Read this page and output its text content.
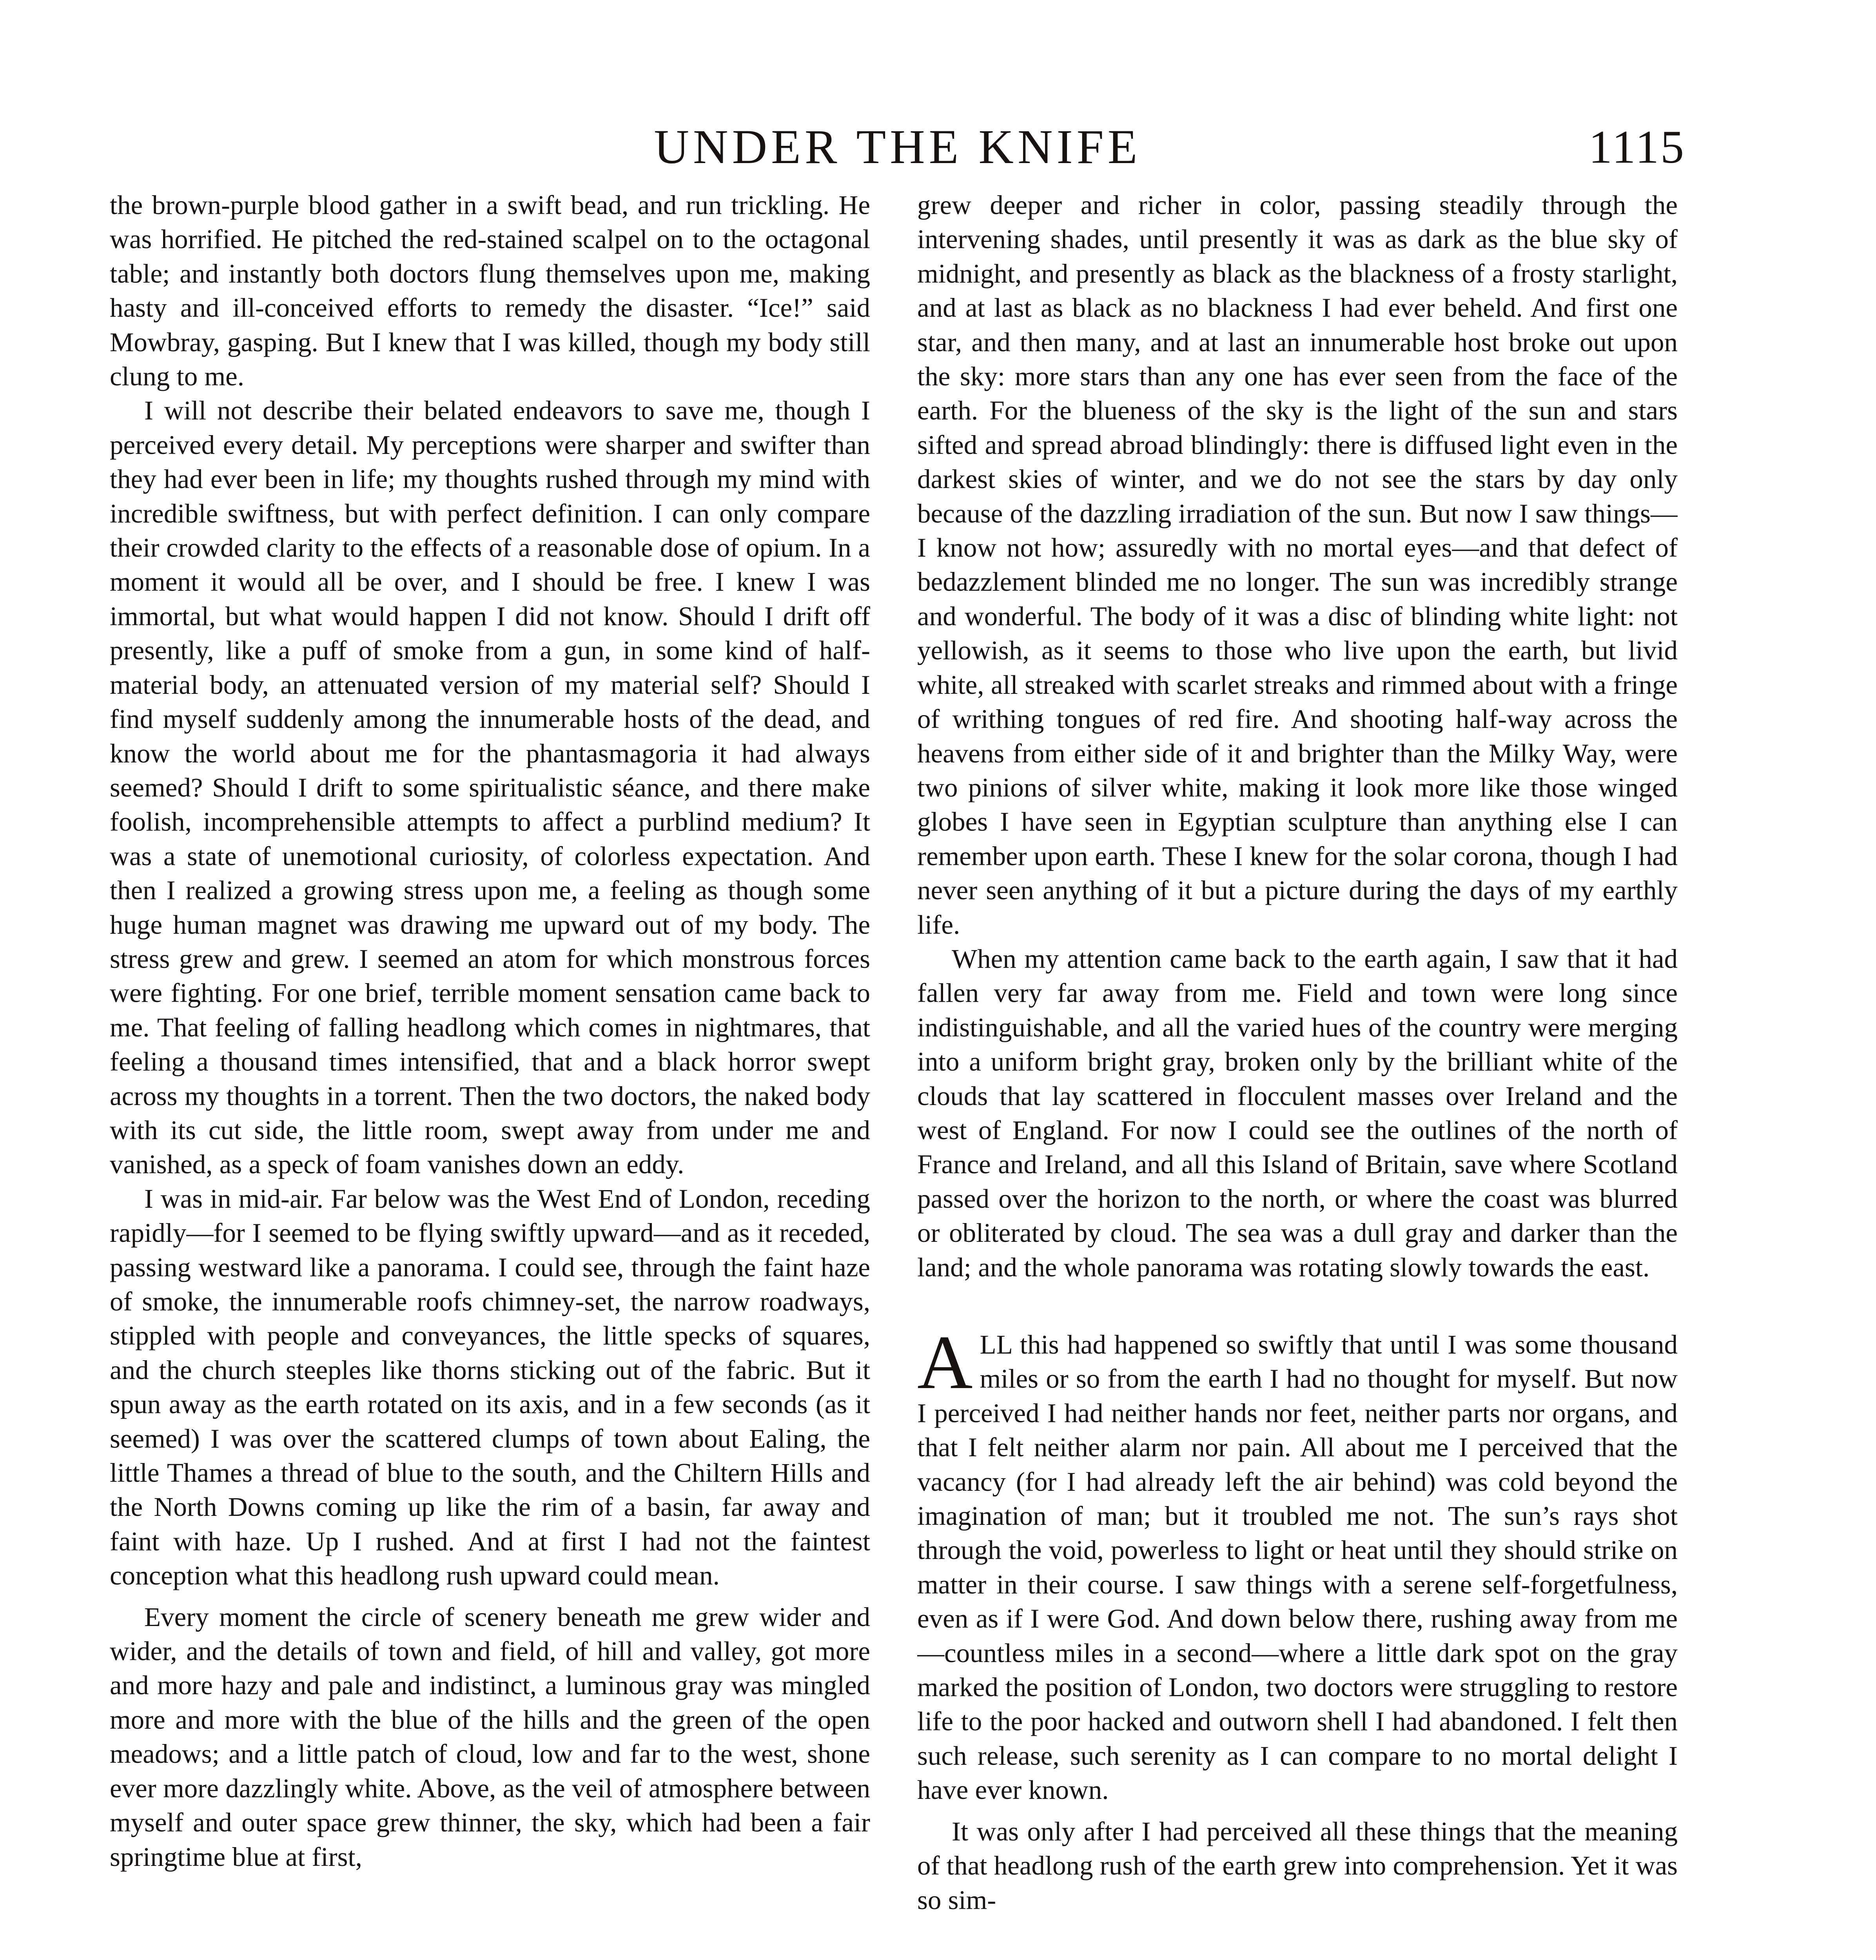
UNDER THE KNIFE	1115

the brown-purple blood gather in a swift bead, and run trickling. He was horrified. He pitched the red-stained scalpel on to the octagonal table; and instantly both doctors flung themselves upon me, making hasty and ill-conceived efforts to remedy the disaster. “Ice!” said Mowbray, gasping. But I knew that I was killed, though my body still clung to me.

I will not describe their belated endeavors to save me, though I perceived every detail. My perceptions were sharper and swifter than they had ever been in life; my thoughts rushed through my mind with incredible swiftness, but with perfect definition. I can only compare their crowded clarity to the effects of a reasonable dose of opium. In a moment it would all be over, and I should be free. I knew I was immortal, but what would happen I did not know. Should I drift off presently, like a puff of smoke from a gun, in some kind of half-material body, an attenuated version of my material self? Should I find myself suddenly among the innumerable hosts of the dead, and know the world about me for the phantasmagoria it had always seemed? Should I drift to some spiritualistic séance, and there make foolish, incomprehensible attempts to affect a purblind medium? It was a state of unemotional curiosity, of colorless expectation. And then I realized a growing stress upon me, a feeling as though some huge human magnet was drawing me upward out of my body. The stress grew and grew. I seemed an atom for which monstrous forces were fighting. For one brief, terrible moment sensation came back to me. That feeling of falling headlong which comes in nightmares, that feeling a thousand times intensified, that and a black horror swept across my thoughts in a torrent. Then the two doctors, the naked body with its cut side, the little room, swept away from under me and vanished, as a speck of foam vanishes down an eddy.

I was in mid-air. Far below was the West End of London, receding rapidly—for I seemed to be flying swiftly upward—and as it receded, passing westward like a panorama. I could see, through the faint haze of smoke, the innumerable roofs chimney-set, the narrow roadways, stippled with people and conveyances, the little specks of squares, and the church steeples like thorns sticking out of the fabric. But it spun away as the earth rotated on its axis, and in a few seconds (as it seemed) I was over the scattered clumps of town about Ealing, the little Thames a thread of blue to the south, and the Chiltern Hills and the North Downs coming up like the rim of a basin, far away and faint with haze. Up I rushed. And at first I had not the faintest conception what this headlong rush upward could mean.

Every moment the circle of scenery beneath me grew wider and wider, and the details of town and field, of hill and valley, got more and more hazy and pale and indistinct, a luminous gray was mingled more and more with the blue of the hills and the green of the open meadows; and a little patch of cloud, low and far to the west, shone ever more dazzlingly white. Above, as the veil of atmosphere between myself and outer space grew thinner, the sky, which had been a fair springtime blue at first,

grew deeper and richer in color, passing steadily through the intervening shades, until presently it was as dark as the blue sky of midnight, and presently as black as the blackness of a frosty starlight, and at last as black as no blackness I had ever beheld. And first one star, and then many, and at last an innumerable host broke out upon the sky: more stars than any one has ever seen from the face of the earth. For the blueness of the sky is the light of the sun and stars sifted and spread abroad blindingly: there is diffused light even in the darkest skies of winter, and we do not see the stars by day only because of the dazzling irradiation of the sun. But now I saw things—I know not how; assuredly with no mortal eyes—and that defect of bedazzlement blinded me no longer. The sun was incredibly strange and wonderful. The body of it was a disc of blinding white light: not yellowish, as it seems to those who live upon the earth, but livid white, all streaked with scarlet streaks and rimmed about with a fringe of writhing tongues of red fire. And shooting half-way across the heavens from either side of it and brighter than the Milky Way, were two pinions of silver white, making it look more like those winged globes I have seen in Egyptian sculpture than anything else I can remember upon earth. These I knew for the solar corona, though I had never seen anything of it but a picture during the days of my earthly life.

When my attention came back to the earth again, I saw that it had fallen very far away from me. Field and town were long since indistinguishable, and all the varied hues of the country were merging into a uniform bright gray, broken only by the brilliant white of the clouds that lay scattered in flocculent masses over Ireland and the west of England. For now I could see the outlines of the north of France and Ireland, and all this Island of Britain, save where Scotland passed over the horizon to the north, or where the coast was blurred or obliterated by cloud. The sea was a dull gray and darker than the land; and the whole panorama was rotating slowly towards the east.

A LL this had happened so swiftly that until I was some thousand miles or so from the earth I had no thought for myself. But now I perceived I had neither hands nor feet, neither parts nor organs, and that I felt neither alarm nor pain. All about me I perceived that the vacancy (for I had already left the air behind) was cold beyond the imagination of man; but it troubled me not. The sun’s rays shot through the void, powerless to light or heat until they should strike on matter in their course. I saw things with a serene self-forgetfulness, even as if I were God. And down below there, rushing away from me—countless miles in a second—where a little dark spot on the gray marked the position of London, two doctors were struggling to restore life to the poor hacked and outworn shell I had abandoned. I felt then such release, such serenity as I can compare to no mortal delight I have ever known.

It was only after I had perceived all these things that the meaning of that headlong rush of the earth grew into comprehension. Yet it was so sim-
